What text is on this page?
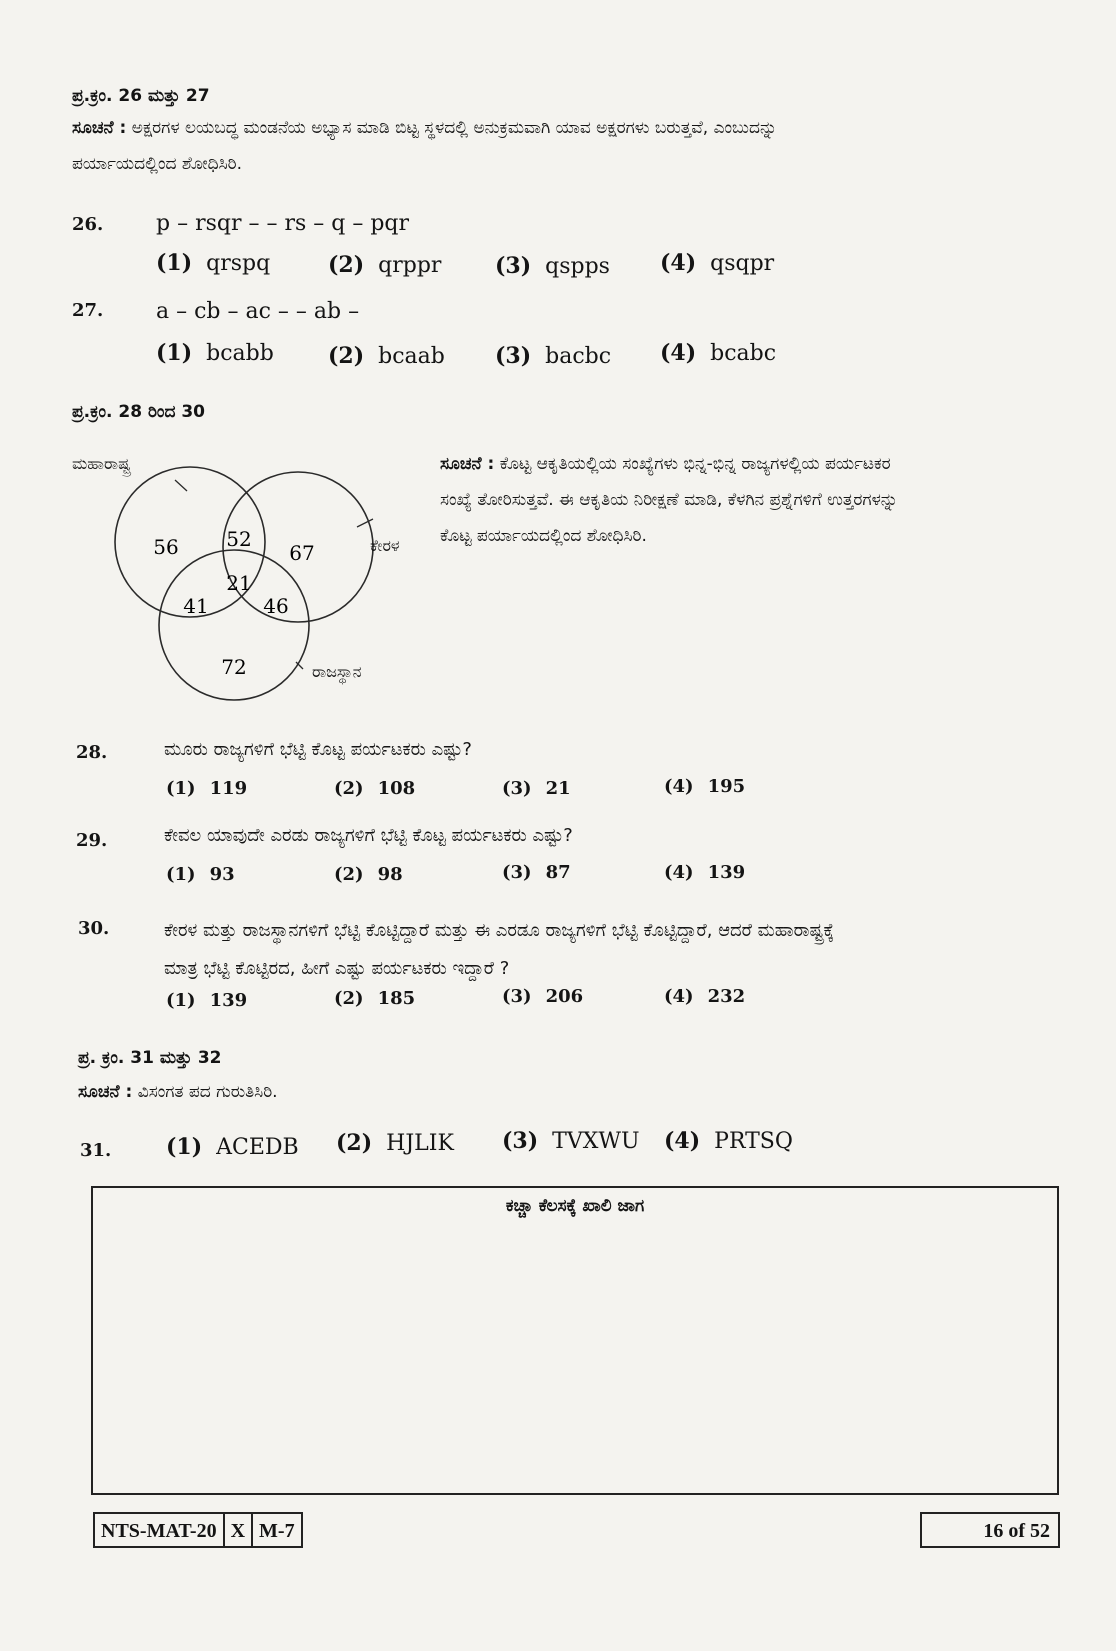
ಪ್ರ.ಕ್ರಂ. 26 ಮತ್ತು 27
ಸೂಚನೆ : ಅಕ್ಷರಗಳ ಲಯಬದ್ಧ ಮಂಡನೆಯ ಅಭ್ಯಾಸ ಮಾಡಿ ಬಿಟ್ಟ ಸ್ಥಳದಲ್ಲಿ ಅನುಕ್ರಮವಾಗಿ ಯಾವ ಅಕ್ಷರಗಳು ಬರುತ್ತವೆ, ಎಂಬುದನ್ನು
ಪರ್ಯಾಯದಲ್ಲಿಂದ ಶೋಧಿಸಿರಿ.
26. p – rsqr – – rs – q – pqr
(1) qrspq	(2) qrppr (3) qspps (4) qsqpr
27. a – cb – ac – – ab –
(1) bcabb (2) bcaab (3) bacbc (4) bcabc
ಪ್ರ.ಕ್ರಂ. 28 ರಿಂದ 30
56 52
67
21
41	46
72
ಮಹಾರಾಷ್ಟ್ರ
ಕೇರಳ
ರಾಜಸ್ಥಾನ
ಸೂಚನೆ : ಕೊಟ್ಟ ಆಕೃತಿಯಲ್ಲಿಯ ಸಂಖ್ಯೆಗಳು ಭಿನ್ನ-ಭಿನ್ನ ರಾಜ್ಯಗಳಲ್ಲಿಯ ಪರ್ಯಟಕರ
ಸಂಖ್ಯೆ ತೋರಿಸುತ್ತವೆ. ಈ ಆಕೃತಿಯ ನಿರೀಕ್ಷಣೆ ಮಾಡಿ, ಕೆಳಗಿನ ಪ್ರಶ್ನೆಗಳಿಗೆ ಉತ್ತರಗಳನ್ನು
ಕೊಟ್ಟ ಪರ್ಯಾಯದಲ್ಲಿಂದ ಶೋಧಿಸಿರಿ.
28.	ಮೂರು ರಾಜ್ಯಗಳಿಗೆ ಭೆಟ್ಟಿ ಕೊಟ್ಟ ಪರ್ಯಟಕರು ಎಷ್ಟು?
(1) 119	(2) 108	(3) 21	(4) 195
29.	ಕೇವಲ ಯಾವುದೇ ಎರಡು ರಾಜ್ಯಗಳಿಗೆ ಭೆಟ್ಟಿ ಕೊಟ್ಟ ಪರ್ಯಟಕರು ಎಷ್ಟು?
(1) 93	(2) 98	(3) 87	(4) 139
30.	ಕೇರಳ ಮತ್ತು ರಾಜಸ್ಥಾನಗಳಿಗೆ ಭೆಟ್ಟಿ ಕೊಟ್ಟಿದ್ದಾರೆ ಮತ್ತು ಈ ಎರಡೂ ರಾಜ್ಯಗಳಿಗೆ ಭೆಟ್ಟಿ ಕೊಟ್ಟಿದ್ದಾರೆ, ಆದರೆ ಮಹಾರಾಷ್ಟ್ರಕ್ಕೆ
ಮಾತ್ರ ಭೆಟ್ಟಿ ಕೊಟ್ಟಿರದ, ಹೀಗೆ ಎಷ್ಟು ಪರ್ಯಟಕರು ಇದ್ದಾರೆ ?
(1) 139	(2) 185	(3) 206	(4) 232
ಪ್ರ. ಕ್ರಂ. 31 ಮತ್ತು 32
ಸೂಚನೆ : ವಿಸಂಗತ ಪದ ಗುರುತಿಸಿರಿ.
31. (1) ACEDB (2) HJLIK (3) TVXWU (4) PRTSQ
ಕಚ್ಚಾ ಕೆಲಸಕ್ಕೆ ಖಾಲಿ ಜಾಗ
NTS-MAT-20 X M-7	16 of 52
